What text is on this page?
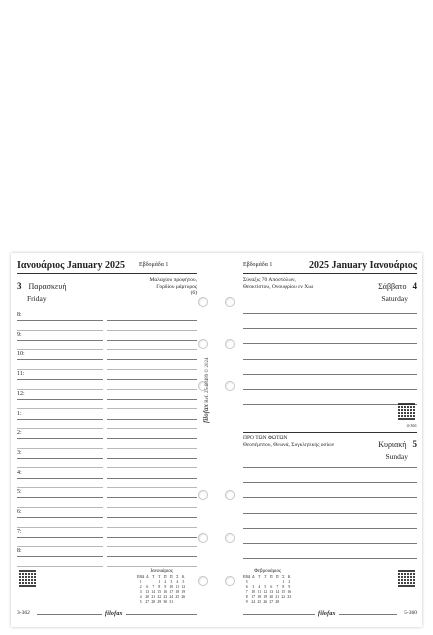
Ιανουάριος January 2025 Εβδομάδα 1
3 Παρασκευή
Friday
Μαλαχίου προφήτου,
Γορδίου μάρτυρος
(6)
8:
9:
10:
11:
12:
1:
2:
3:
4:
5:
6:
7:
8:
Ιανουάριος
ΕΒΔ	Δ	Τ	Τ	Π	Π	Σ	Κ
1			1	2	3	4	5
2	6	7	8	9	10	11	12
3	13	14	15	16	17	18	19
4	20	21	22	23	24	25	26
5	27	28	29	30	31		
3-362	filofax
filofax Ref. 25-68489 © 2024
Εβδομάδα 1	2025 January Ιανουάριος
Σύναξις 70 Αποστόλων,
Θεοκτίστου, Ονουφρίου εν Χιω	Σάββατο 4
Saturday
4-361
ΠΡΟ ΤΩΝ ΦΩΤΩΝ
Θεοπέμπτου, Θεωνά, Συγκλητικής οσίων	Κυριακή 5
Sunday
Φεβρουάριος
ΕΒΔ	Δ	Τ	Τ	Π	Π	Σ	Κ
5						1	2
6	3	4	5	6	7	8	9
7	10	11	12	13	14	15	16
8	17	18	19	20	21	22	23
9	24	25	26	27	28		
5-360
filofax
